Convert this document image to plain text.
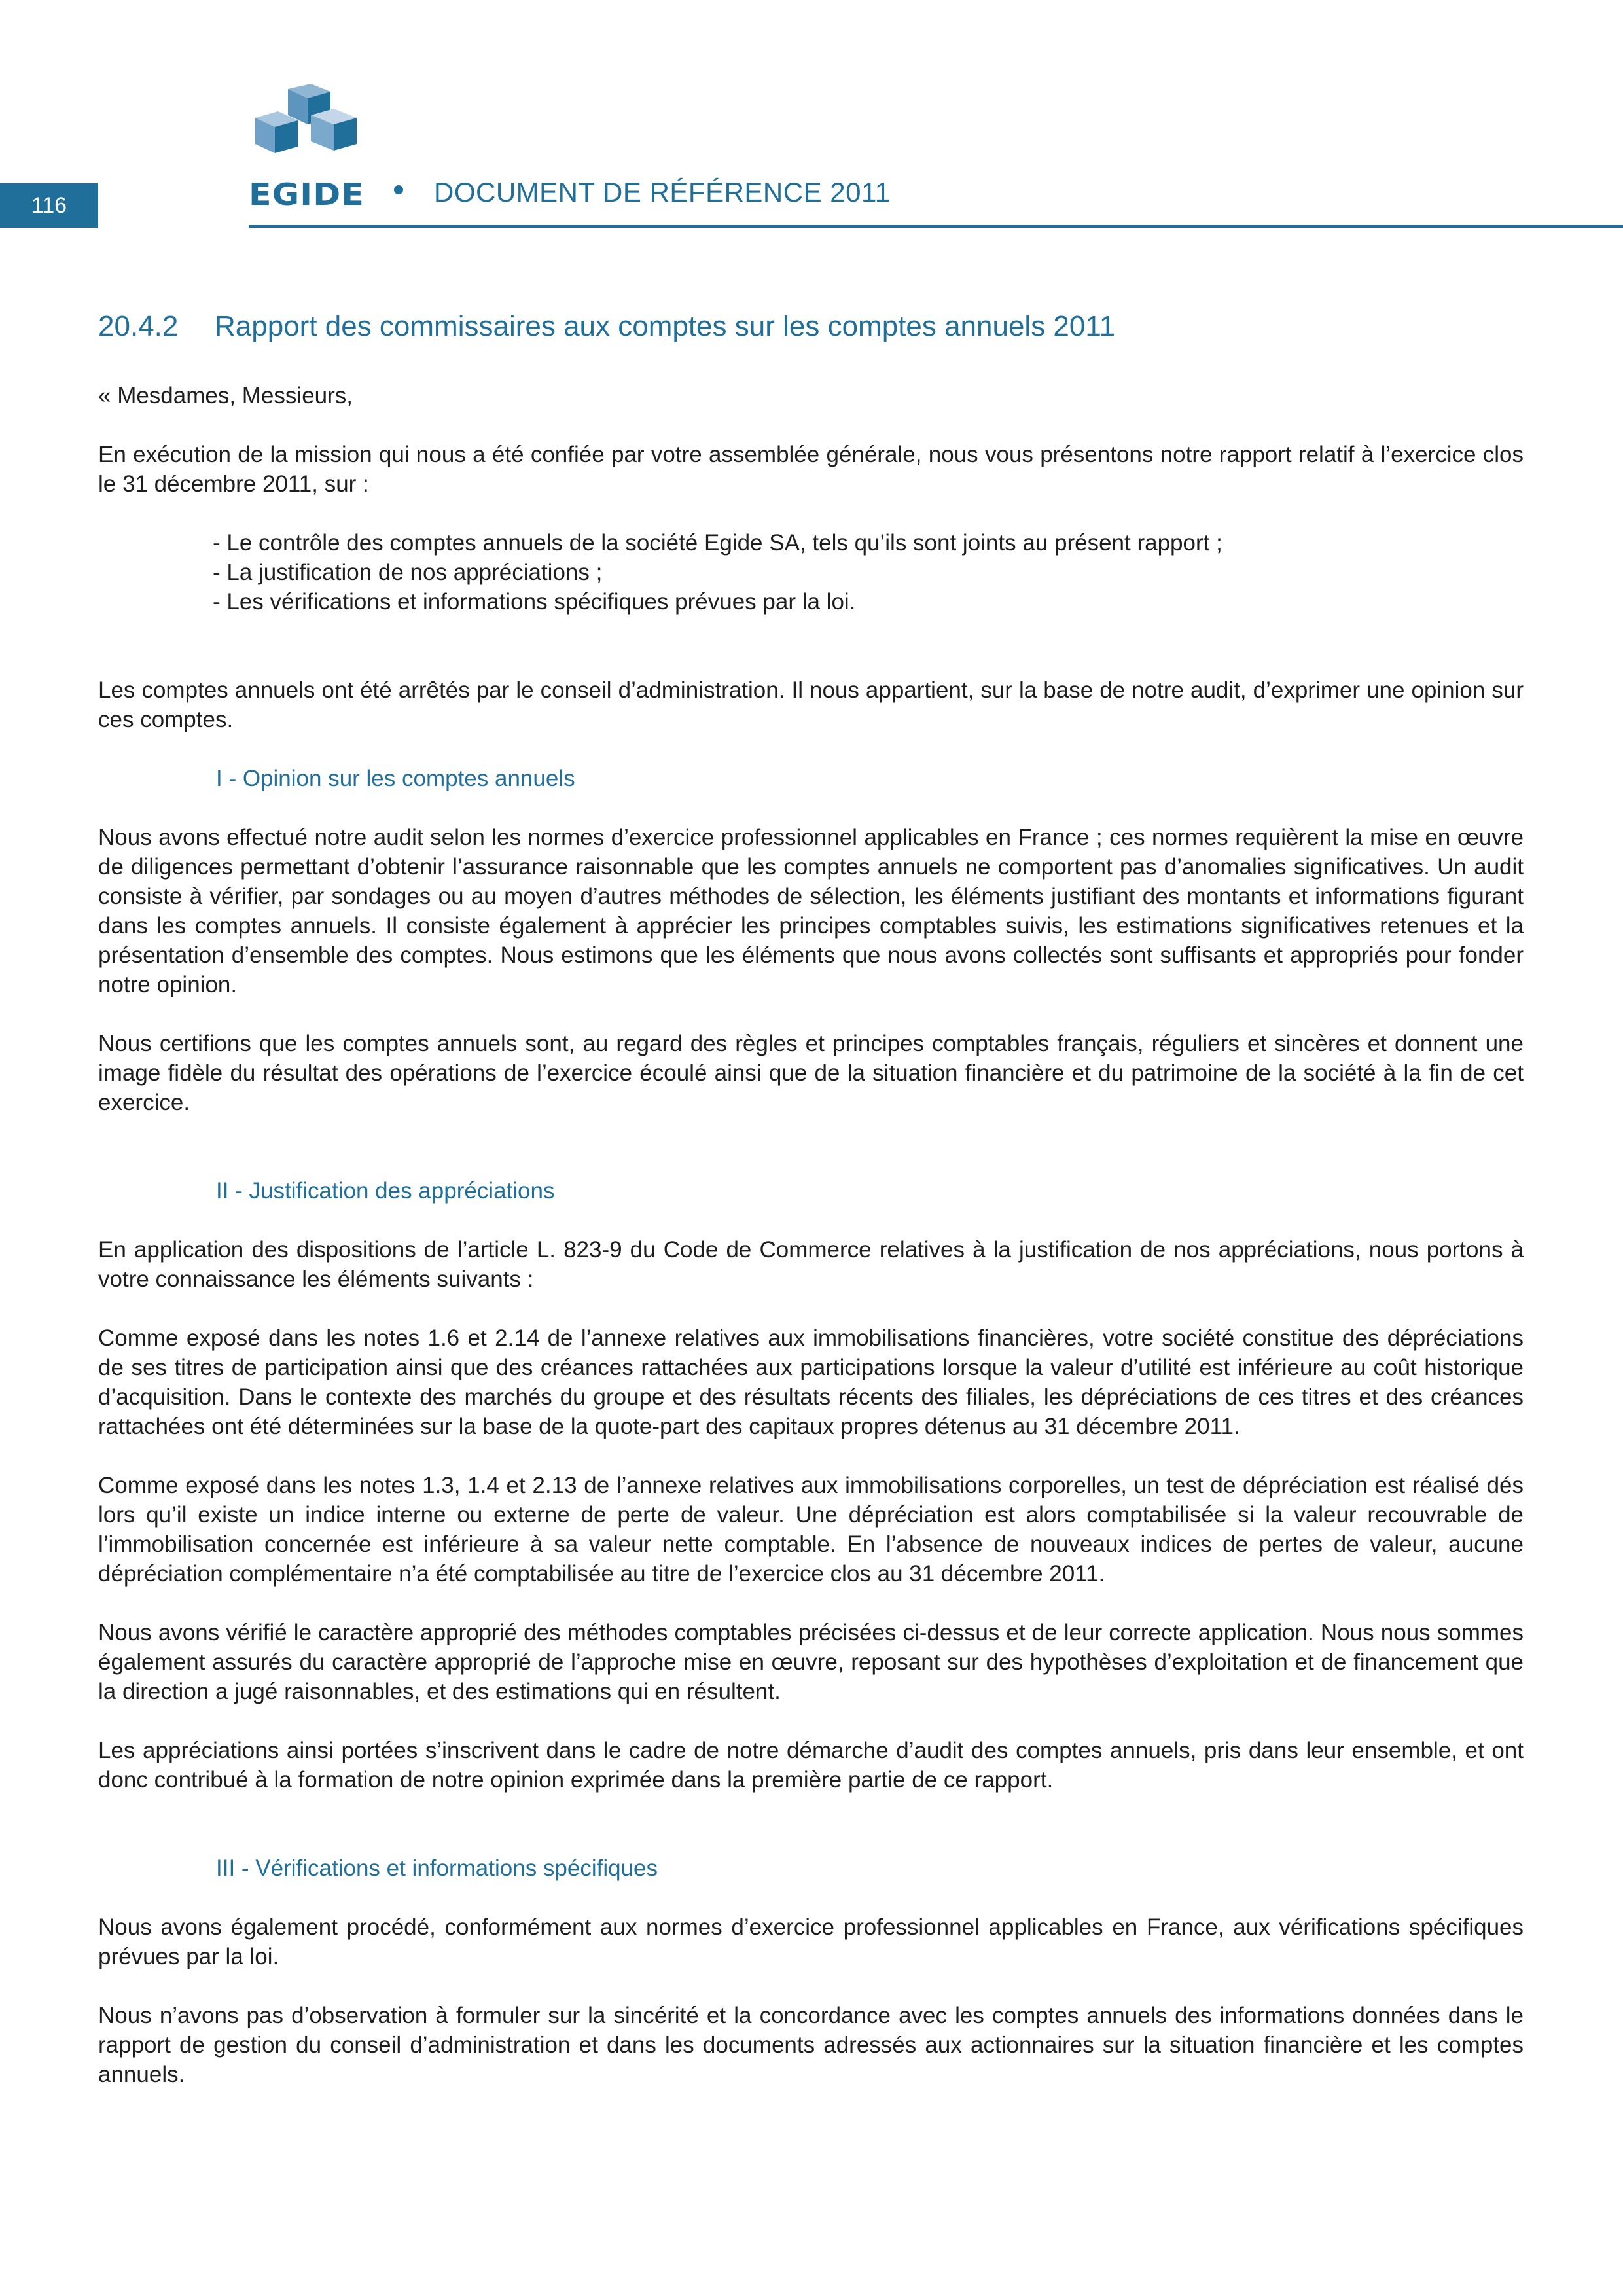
116	EGIDE	DOCUMENT DE RÉFÉRENCE 2011
20.4.2 Rapport des commissaires aux comptes sur les comptes annuels 2011

« Mesdames, Messieurs,

En exécution de la mission qui nous a été confiée par votre assemblée générale, nous vous présentons notre rapport relatif à l’exercice clos le 31 décembre 2011, sur :

- Le contrôle des comptes annuels de la société Egide SA, tels qu’ils sont joints au présent rapport ;
- La justification de nos appréciations ;
- Les vérifications et informations spécifiques prévues par la loi.

Les comptes annuels ont été arrêtés par le conseil d’administration. Il nous appartient, sur la base de notre audit, d’exprimer une opinion sur ces comptes.

I - Opinion sur les comptes annuels

Nous avons effectué notre audit selon les normes d’exercice professionnel applicables en France ; ces normes requièrent la mise en œuvre de diligences permettant d’obtenir l’assurance raisonnable que les comptes annuels ne comportent pas d’anomalies significatives. Un audit consiste à vérifier, par sondages ou au moyen d’autres méthodes de sélection, les éléments justifiant des montants et informations figurant dans les comptes annuels. Il consiste également à apprécier les principes comptables suivis, les estimations significatives retenues et la présentation d’ensemble des comptes. Nous estimons que les éléments que nous avons collectés sont suffisants et appropriés pour fonder notre opinion.

Nous certifions que les comptes annuels sont, au regard des règles et principes comptables français, réguliers et sincères et donnent une image fidèle du résultat des opérations de l’exercice écoulé ainsi que de la situation financière et du patrimoine de la société à la fin de cet exercice.

II - Justification des appréciations

En application des dispositions de l’article L. 823-9 du Code de Commerce relatives à la justification de nos appréciations, nous portons à votre connaissance les éléments suivants :

Comme exposé dans les notes 1.6 et 2.14 de l’annexe relatives aux immobilisations financières, votre société constitue des dépréciations de ses titres de participation ainsi que des créances rattachées aux participations lorsque la valeur d’utilité est inférieure au coût historique d’acquisition. Dans le contexte des marchés du groupe et des résultats récents des filiales, les dépréciations de ces titres et des créances rattachées ont été déterminées sur la base de la quote-part des capitaux propres détenus au 31 décembre 2011.

Comme exposé dans les notes 1.3, 1.4 et 2.13 de l’annexe relatives aux immobilisations corporelles, un test de dépréciation est réalisé dés lors qu’il existe un indice interne ou externe de perte de valeur. Une dépréciation est alors comptabilisée si la valeur recouvrable de l’immobilisation concernée est inférieure à sa valeur nette comptable. En l’absence de nouveaux indices de pertes de valeur, aucune dépréciation complémentaire n’a été comptabilisée au titre de l’exercice clos au 31 décembre 2011.

Nous avons vérifié le caractère approprié des méthodes comptables précisées ci-dessus et de leur correcte application. Nous nous sommes également assurés du caractère approprié de l’approche mise en œuvre, reposant sur des hypothèses d’exploitation et de financement que la direction a jugé raisonnables, et des estimations qui en résultent.

Les appréciations ainsi portées s’inscrivent dans le cadre de notre démarche d’audit des comptes annuels, pris dans leur ensemble, et ont donc contribué à la formation de notre opinion exprimée dans la première partie de ce rapport.

III - Vérifications et informations spécifiques

Nous avons également procédé, conformément aux normes d’exercice professionnel applicables en France, aux vérifications spécifiques prévues par la loi.

Nous n’avons pas d’observation à formuler sur la sincérité et la concordance avec les comptes annuels des informations données dans le rapport de gestion du conseil d’administration et dans les documents adressés aux actionnaires sur la situation financière et les comptes annuels.
